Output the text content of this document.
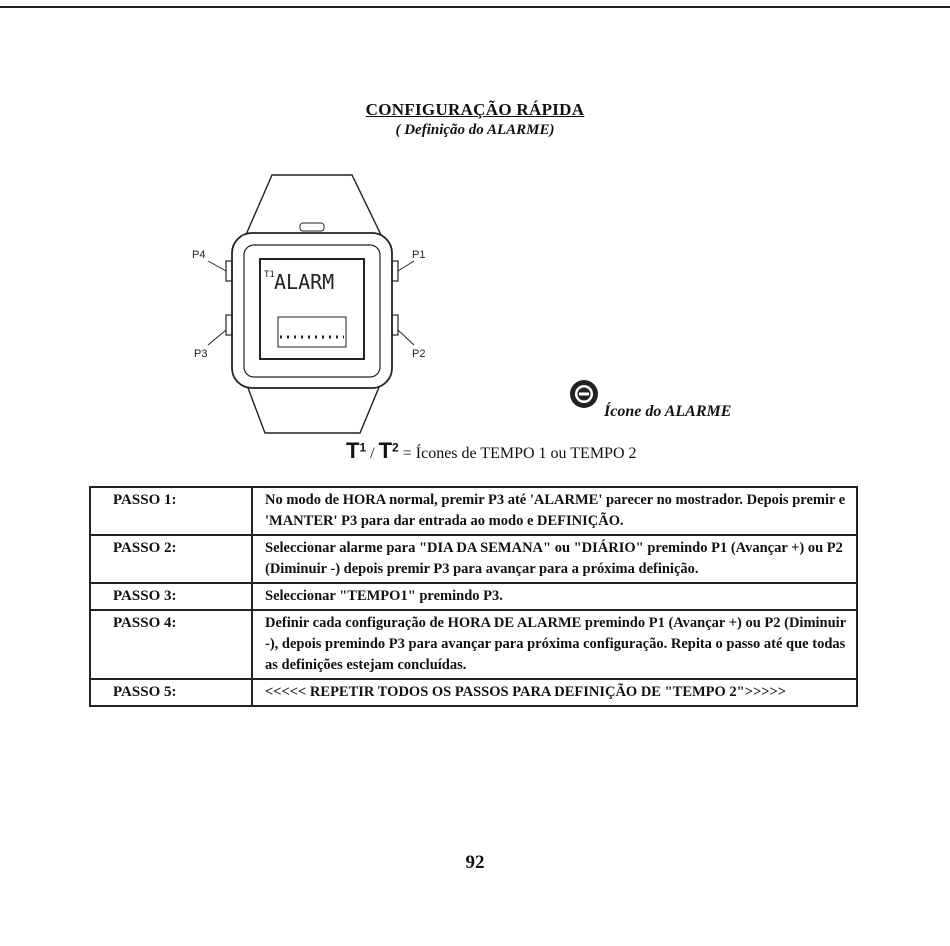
CONFIGURAÇÃO RÁPIDA
( Definição do ALARME)
T1 ALARM
P4	P1
P3	P2
Ícone do ALARME
$T^1 / T^2$ = Ícones de TEMPO 1 ou TEMPO 2
PASSO 1:	No modo de HORA normal, premir P3 até 'ALARME' parecer no mostrador. Depois premir e 'MANTER' P3 para dar entrada ao modo e DEFINIÇÃO.
PASSO 2:	Seleccionar alarme para "DIA DA SEMANA" ou "DIÁRIO" premindo P1 (Avançar +) ou P2 (Diminuir -) depois premir P3 para avançar para a próxima definição.
PASSO 3:	Seleccionar "TEMPO1" premindo P3.
PASSO 4:	Definir cada configuração de HORA DE ALARME premindo P1 (Avançar +) ou P2 (Diminuir -), depois premindo P3 para avançar para próxima configuração. Repita o passo até que todas as definições estejam concluídas.
PASSO 5:	<<<<< REPETIR TODOS OS PASSOS PARA DEFINIÇÃO DE "TEMPO 2">>>>>
92
